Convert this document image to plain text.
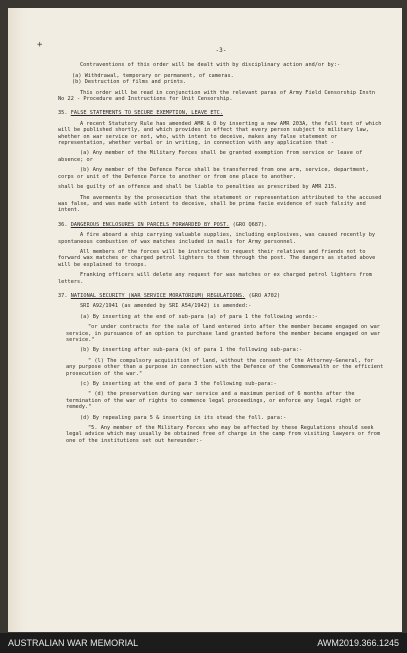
+
-3-

Contraventions of this order will be dealt with by disciplinary action and/or by:-

(a) Withdrawal, temporary or permanent, of cameras.

(b) Destruction of films and prints.

This order will be read in conjunction with the relevant paras of Army Field Censorship Instn No 22 - Procedure and Instructions for Unit Censorship.

35. FALSE STATEMENTS TO SECURE EXEMPTION, LEAVE ETC.

A recent Statutory Rule has amended AMR & O by inserting a new AMR 203A, the full text of which will be published shortly, and which provides in effect that every person subject to military law, whether on war service or not, who, with intent to deceive, makes any false statement or representation, whether verbal or in writing, in connection with any application that -

(a) Any member of the Military Forces shall be granted exemption from service or leave of absence; or

(b) Any member of the Defence Force shall be transferred from one arm, service, department, corps or unit of the Defence Force to another or from one place to another.

shall be guilty of an offence and shall be liable to penalties as prescribed by AMR 215.

The averments by the prosecution that the statement or representation attributed to the accused was false, and was made with intent to deceive, shall be prima facie evidence of such falsity and intent.

36. DANGEROUS ENCLOSURES IN PARCELS FORWARDED BY POST. (GRO Q687).

A fire aboard a ship carrying valuable supplies, including explosives, was caused recently by spontaneous combustion of wax matches included in mails for Army personnel.

All members of the forces will be instructed to request their relatives and friends not to forward wax matches or charged petrol lighters to them through the post. The dangers as stated above will be explained to troops.

Franking officers will delete any request for wax matches or ex charged petrol lighters from letters.

37. NATIONAL SECURITY (WAR SERVICE MORATORIUM) REGULATIONS. (GRO A702)

SRI A92/1941 (as amended by SRI A54/1942) is amended:-

(a) By inserting at the end of sub-para (a) of para 1 the following words:-

"or under contracts for the sale of land entered into after the member became engaged on war service, in pursuance of an option to purchase land granted before the member became engaged on war service."

(b) By inserting after sub-para (k) of para 1 the following sub-para:-

" (l) The compulsory acquisition of land, without the consent of the Attorney-General, for any purpose other than a purpose in connection with the Defence of the Commonwealth or the efficient prosecution of the war."

(c) By inserting at the end of para 3 the following sub-para:-

" (d) the preservation during war service and a maximum period of 6 months after the termination of the war of rights to commence legal proceedings, or enforce any legal right or remedy."

(d) By repealing para 5 & inserting in its stead the foll. para:-

"5. Any member of the Military Forces who may be affected by these Regulations should seek legal advice which may usually be obtained free of charge in the camp from visiting lawyers or from one of the institutions set out hereunder:-

AUSTRALIAN WAR MEMORIAL	AWM2019.366.1245
